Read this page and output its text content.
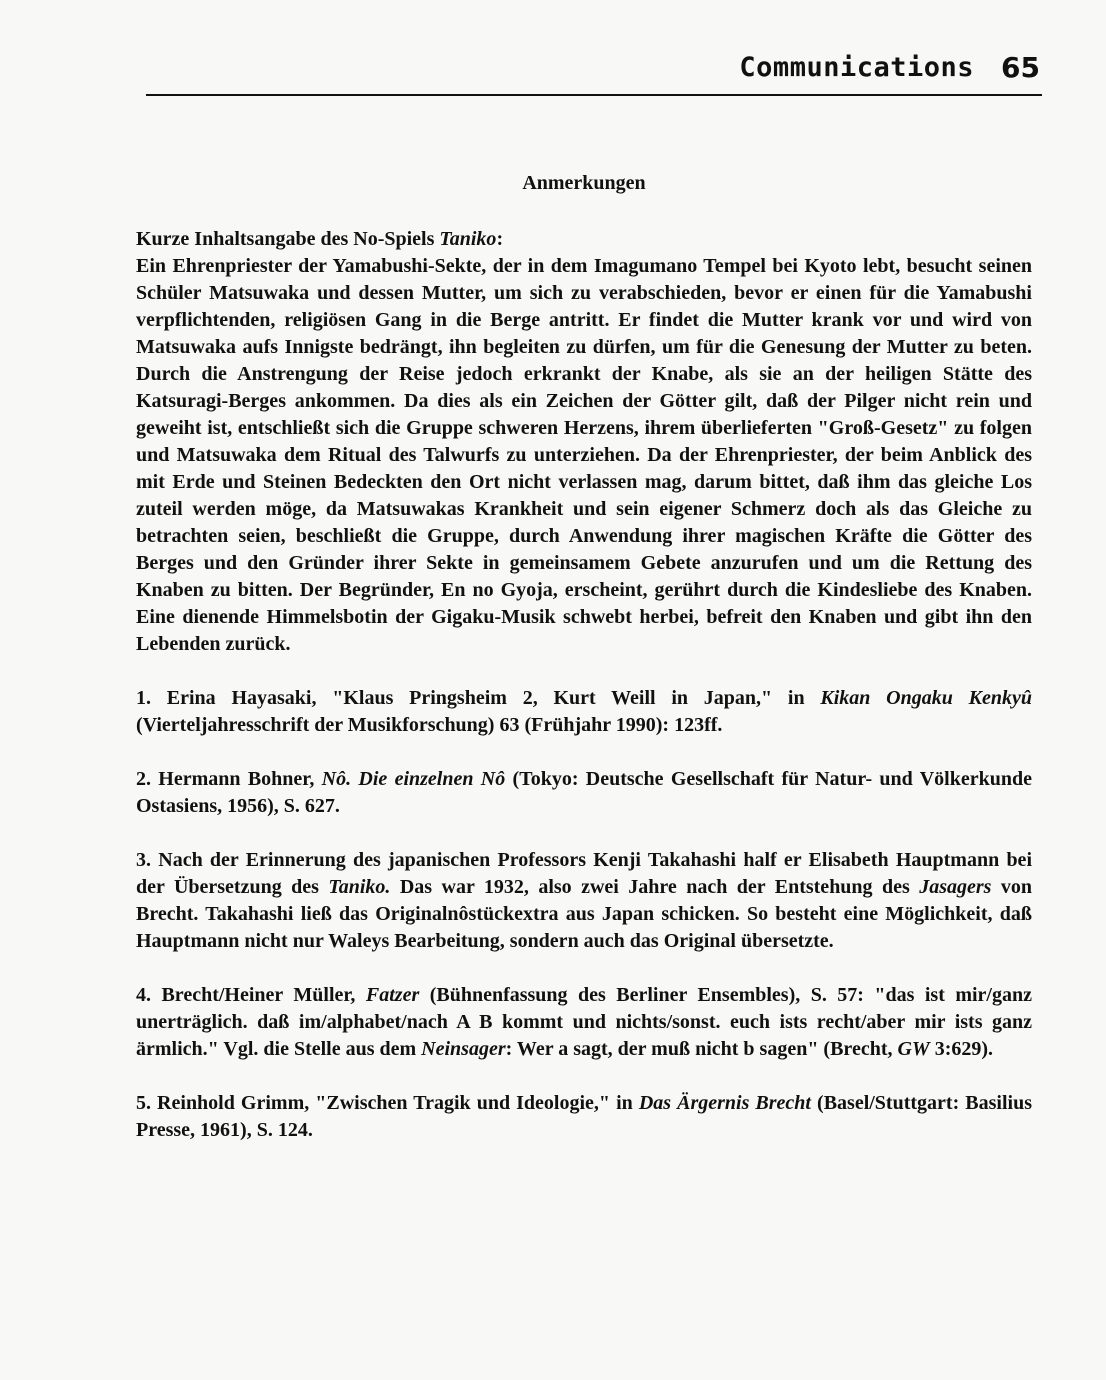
Communications 65
Anmerkungen

Kurze Inhaltsangabe des No-Spiels Taniko:

Ein Ehrenpriester der Yamabushi-Sekte, der in dem Imagumano Tempel bei Kyoto lebt, besucht seinen Schüler Matsuwaka und dessen Mutter, um sich zu verabschieden, bevor er einen für die Yamabushi verpflichtenden, religiösen Gang in die Berge antritt. Er findet die Mutter krank vor und wird von Matsuwaka aufs Innigste bedrängt, ihn begleiten zu dürfen, um für die Genesung der Mutter zu beten. Durch die Anstrengung der Reise jedoch erkrankt der Knabe, als sie an der heiligen Stätte des Katsuragi-Berges ankommen. Da dies als ein Zeichen der Götter gilt, daß der Pilger nicht rein und geweiht ist, entschließt sich die Gruppe schweren Herzens, ihrem überlieferten "Groß-Gesetz" zu folgen und Matsuwaka dem Ritual des Talwurfs zu unterziehen. Da der Ehrenpriester, der beim Anblick des mit Erde und Steinen Bedeckten den Ort nicht verlassen mag, darum bittet, daß ihm das gleiche Los zuteil werden möge, da Matsuwakas Krankheit und sein eigener Schmerz doch als das Gleiche zu betrachten seien, beschließt die Gruppe, durch Anwendung ihrer magischen Kräfte die Götter des Berges und den Gründer ihrer Sekte in gemeinsamem Gebete anzurufen und um die Rettung des Knaben zu bitten. Der Begründer, En no Gyoja, erscheint, gerührt durch die Kindesliebe des Knaben. Eine dienende Himmelsbotin der Gigaku-Musik schwebt herbei, befreit den Knaben und gibt ihn den Lebenden zurück.

1. Erina Hayasaki, "Klaus Pringsheim 2, Kurt Weill in Japan," in Kikan Ongaku Kenkyû (Vierteljahresschrift der Musikforschung) 63 (Frühjahr 1990): 123ff.

2. Hermann Bohner, Nô. Die einzelnen Nô (Tokyo: Deutsche Gesellschaft für Natur- und Völkerkunde Ostasiens, 1956), S. 627.

3. Nach der Erinnerung des japanischen Professors Kenji Takahashi half er Elisabeth Hauptmann bei der Übersetzung des Taniko. Das war 1932, also zwei Jahre nach der Entstehung des Jasagers von Brecht. Takahashi ließ das Originalnôstückextra aus Japan schicken. So besteht eine Möglichkeit, daß Hauptmann nicht nur Waleys Bearbeitung, sondern auch das Original übersetzte.

4. Brecht/Heiner Müller, Fatzer (Bühnenfassung des Berliner Ensembles), S. 57: "das ist mir/ganz unerträglich. daß im/alphabet/nach A B kommt und nichts/sonst. euch ists recht/aber mir ists ganz ärmlich." Vgl. die Stelle aus dem Neinsager: Wer a sagt, der muß nicht b sagen" (Brecht, GW 3:629).

5. Reinhold Grimm, "Zwischen Tragik und Ideologie," in Das Ärgernis Brecht (Basel/Stuttgart: Basilius Presse, 1961), S. 124.
